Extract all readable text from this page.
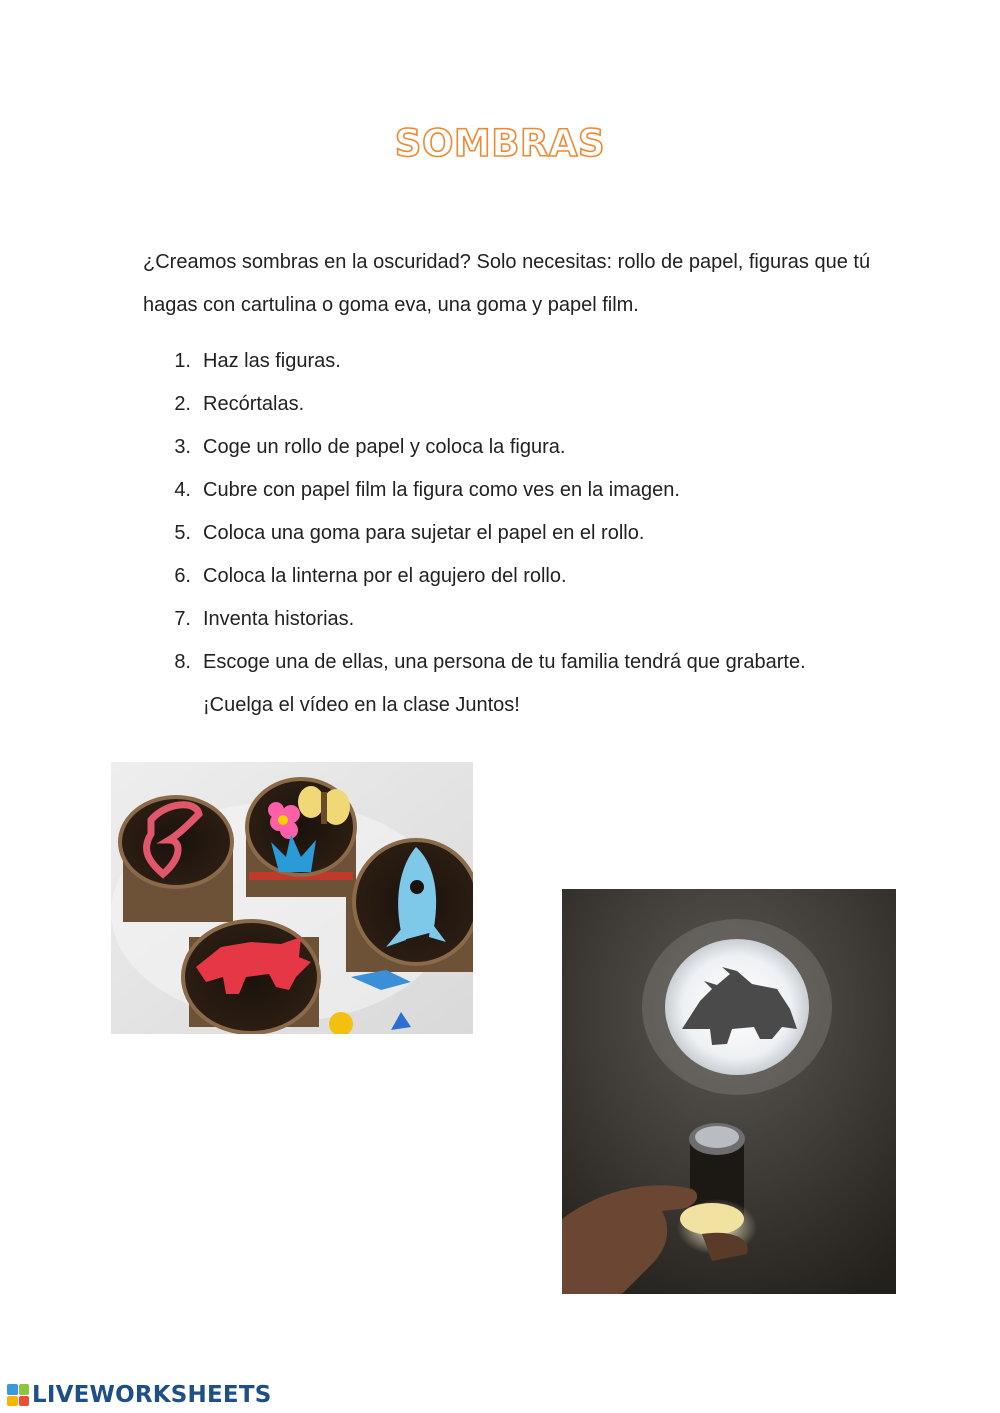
SOMBRAS

¿Creamos sombras en la oscuridad? Solo necesitas: rollo de papel, figuras que tú hagas con cartulina o goma eva, una goma y papel film.

1. Haz las figuras.
2. Recórtalas.
3. Coge un rollo de papel y coloca la figura.
4. Cubre con papel film la figura como ves en la imagen.
5. Coloca una goma para sujetar el papel en el rollo.
6. Coloca la linterna por el agujero del rollo.
7. Inventa historias.
8. Escoge una de ellas, una persona de tu familia tendrá que grabarte. ¡Cuelga el vídeo en la clase Juntos!
LIVEWORKSHEETS
